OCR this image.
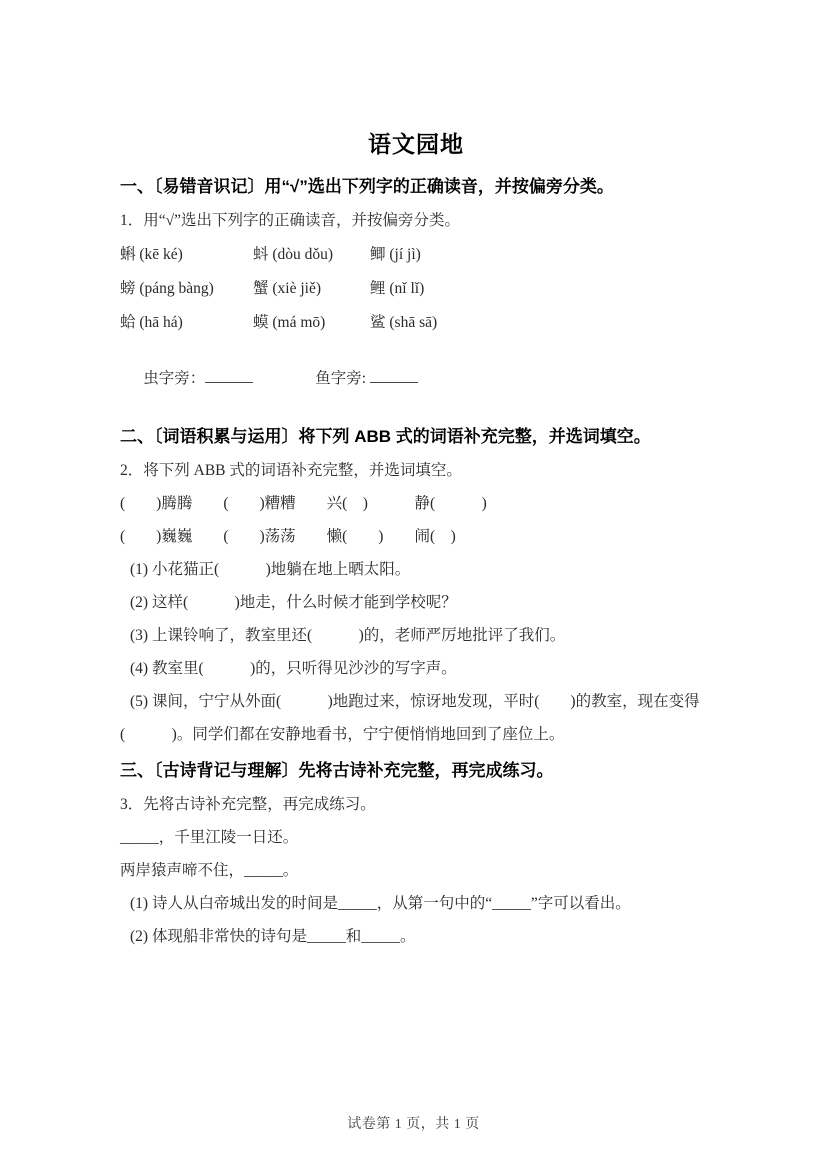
语文园地
一、〔易错音识记〕用“√”选出下列字的正确读音，并按偏旁分类。
1．用“√”选出下列字的正确读音，并按偏旁分类。
蝌 (kē ké)	蚪 (dòu dǒu)	鲫 (jí jì)
螃 (páng bàng)	蟹 (xiè jiě)	鲤 (nǐ lǐ)
蛤 (hā há)	蟆 (má mō)	鲨 (shā sā)

虫字旁：	鱼字旁:

二、〔词语积累与运用〕将下列 ABB 式的词语补充完整，并选词填空。
2．将下列 ABB 式的词语补充完整，并选词填空。
(　　)腾腾　　(　　)糟糟　　兴(　)　　　静(　　　)
(　　)巍巍　　(　　)荡荡　　懒(　　)　　闹(　)
(1) 小花猫正(　　　)地躺在地上晒太阳。
(2) 这样(　　　)地走，什么时候才能到学校呢？
(3) 上课铃响了，教室里还(　　　)的，老师严厉地批评了我们。
(4) 教室里(　　　)的，只听得见沙沙的写字声。
(5) 课间，宁宁从外面(　　　)地跑过来，惊讶地发现，平时(　　)的教室，现在变得
(　　　)。同学们都在安静地看书，宁宁便悄悄地回到了座位上。
三、〔古诗背记与理解〕先将古诗补充完整，再完成练习。
3．先将古诗补充完整，再完成练习。
_____，千里江陵一日还。
两岸猿声啼不住，_____。
(1) 诗人从白帝城出发的时间是_____，从第一句中的“_____”字可以看出。
(2) 体现船非常快的诗句是_____和_____。
试卷第 1 页，共 1 页
